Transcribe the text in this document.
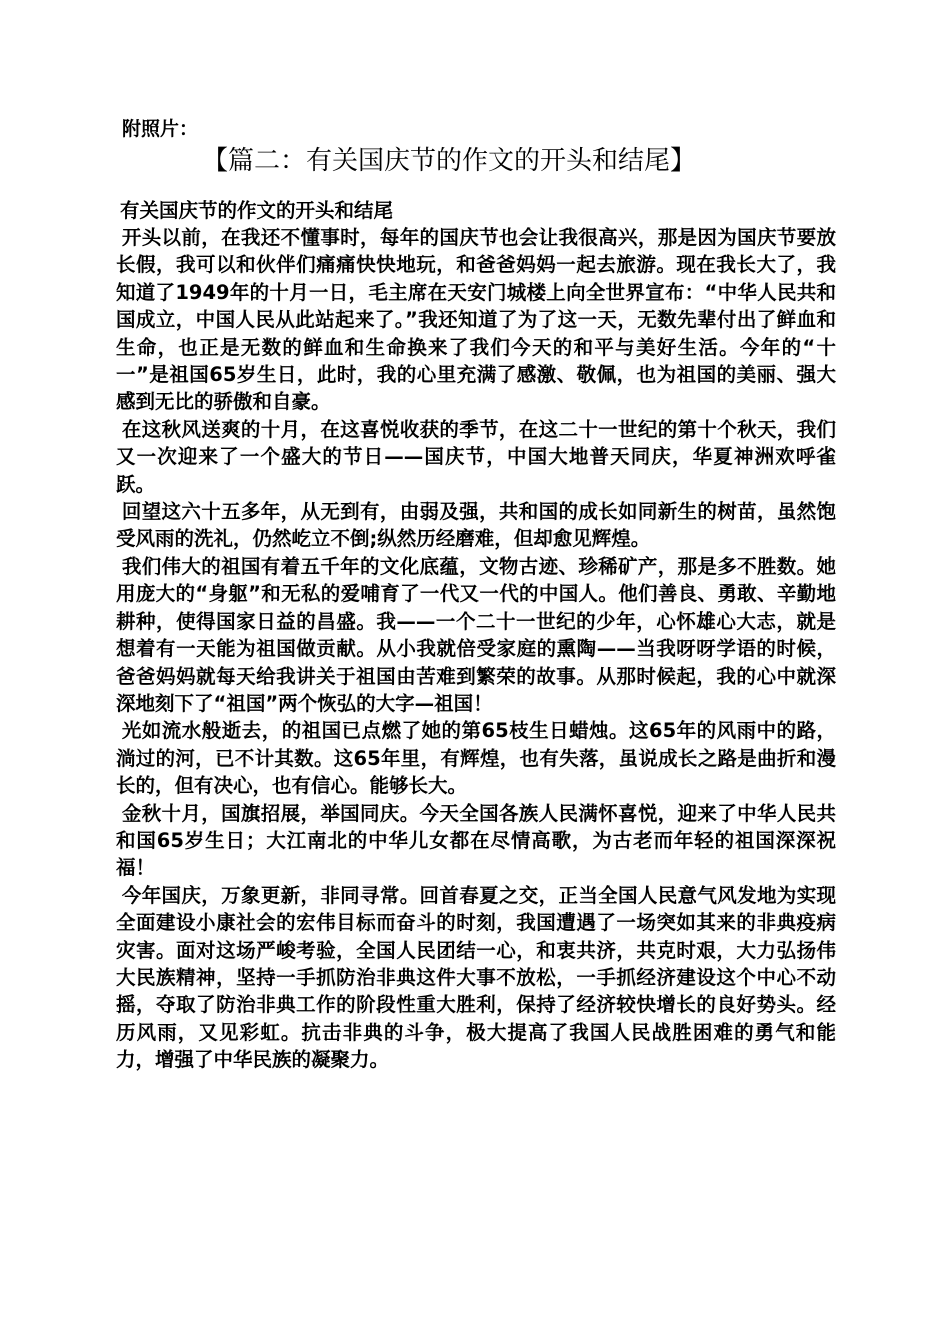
附照片：
【篇二：有关国庆节的作文的开头和结尾】
有关国庆节的作文的开头和结尾

开头以前，在我还不懂事时，每年的国庆节也会让我很高兴，那是因为国庆节要放长假，我可以和伙伴们痛痛快快地玩，和爸爸妈妈一起去旅游。现在我长大了，我知道了1949年的十月一日，毛主席在天安门城楼上向全世界宣布：“中华人民共和国成立，中国人民从此站起来了。”我还知道了为了这一天，无数先辈付出了鲜血和生命，也正是无数的鲜血和生命换来了我们今天的和平与美好生活。今年的“十一”是祖国65岁生日，此时，我的心里充满了感激、敬佩，也为祖国的美丽、强大感到无比的骄傲和自豪。

在这秋风送爽的十月，在这喜悦收获的季节，在这二十一世纪的第十个秋天，我们又一次迎来了一个盛大的节日——国庆节，中国大地普天同庆，华夏神洲欢呼雀跃。

回望这六十五多年，从无到有，由弱及强，共和国的成长如同新生的树苗，虽然饱受风雨的洗礼，仍然屹立不倒;纵然历经磨难，但却愈见辉煌。

我们伟大的祖国有着五千年的文化底蕴，文物古迹、珍稀矿产，那是多不胜数。她用庞大的“身躯”和无私的爱哺育了一代又一代的中国人。他们善良、勇敢、辛勤地耕种，使得国家日益的昌盛。我——一个二十一世纪的少年，心怀雄心大志，就是想着有一天能为祖国做贡献。从小我就倍受家庭的熏陶——当我呀呀学语的时候，爸爸妈妈就每天给我讲关于祖国由苦难到繁荣的故事。从那时候起，我的心中就深深地刻下了“祖国”两个恢弘的大字—祖国！

光如流水般逝去，的祖国已点燃了她的第65枝生日蜡烛。这65年的风雨中的路，淌过的河，已不计其数。这65年里，有辉煌，也有失落，虽说成长之路是曲折和漫长的，但有决心，也有信心。能够长大。

金秋十月，国旗招展，举国同庆。今天全国各族人民满怀喜悦，迎来了中华人民共和国65岁生日；大江南北的中华儿女都在尽情高歌，为古老而年轻的祖国深深祝福！

今年国庆，万象更新，非同寻常。回首春夏之交，正当全国人民意气风发地为实现全面建设小康社会的宏伟目标而奋斗的时刻，我国遭遇了一场突如其来的非典疫病灾害。面对这场严峻考验，全国人民团结一心，和衷共济，共克时艰，大力弘扬伟大民族精神，坚持一手抓防治非典这件大事不放松，一手抓经济建设这个中心不动摇，夺取了防治非典工作的阶段性重大胜利，保持了经济较快增长的良好势头。经历风雨，又见彩虹。抗击非典的斗争，极大提高了我国人民战胜困难的勇气和能力，增强了中华民族的凝聚力。
